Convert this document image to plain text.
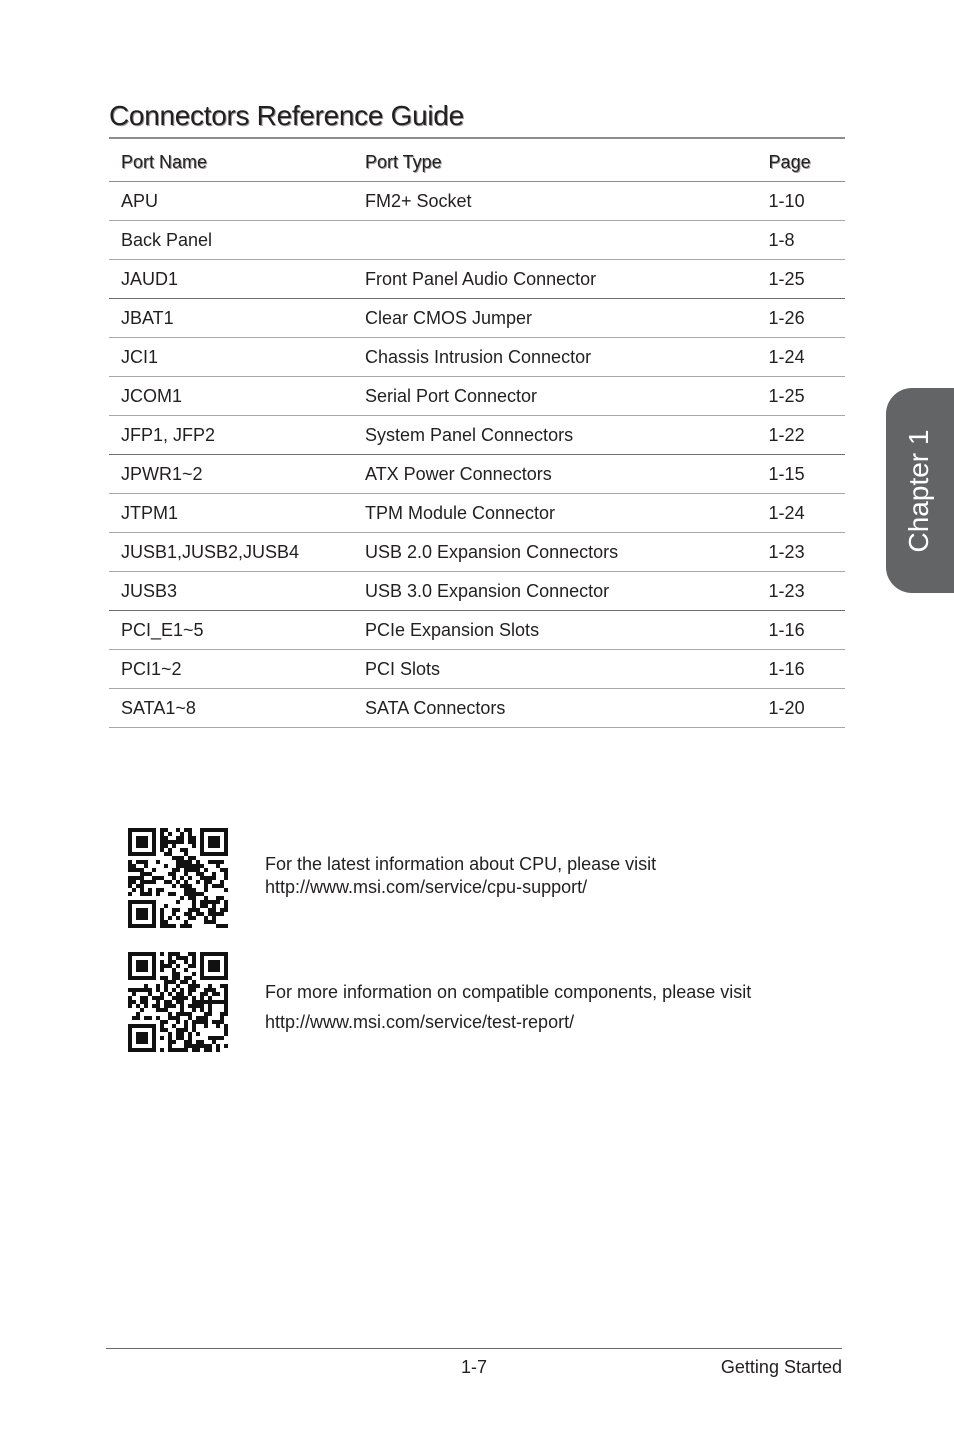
Connectors Reference Guide
Port Name	Port Type	Page
APU	FM2+ Socket	1-10
Back Panel		1-8
JAUD1	Front Panel Audio Connector	1-25
JBAT1	Clear CMOS Jumper	1-26
JCI1	Chassis Intrusion Connector	1-24
JCOM1	Serial Port Connector	1-25
JFP1, JFP2	System Panel Connectors	1-22
JPWR1~2	ATX Power Connectors	1-15
JTPM1	TPM Module Connector	1-24
JUSB1,JUSB2,JUSB4	USB 2.0 Expansion Connectors	1-23
JUSB3	USB 3.0 Expansion Connector	1-23
PCI_E1~5	PCIe Expansion Slots	1-16
PCI1~2	PCI Slots	1-16
SATA1~8	SATA Connectors	1-20
For the latest information about CPU, please visit
http://www.msi.com/service/cpu-support/
For more information on compatible components, please visit
http://www.msi.com/service/test-report/
Chapter 1
1-7	Getting Started
